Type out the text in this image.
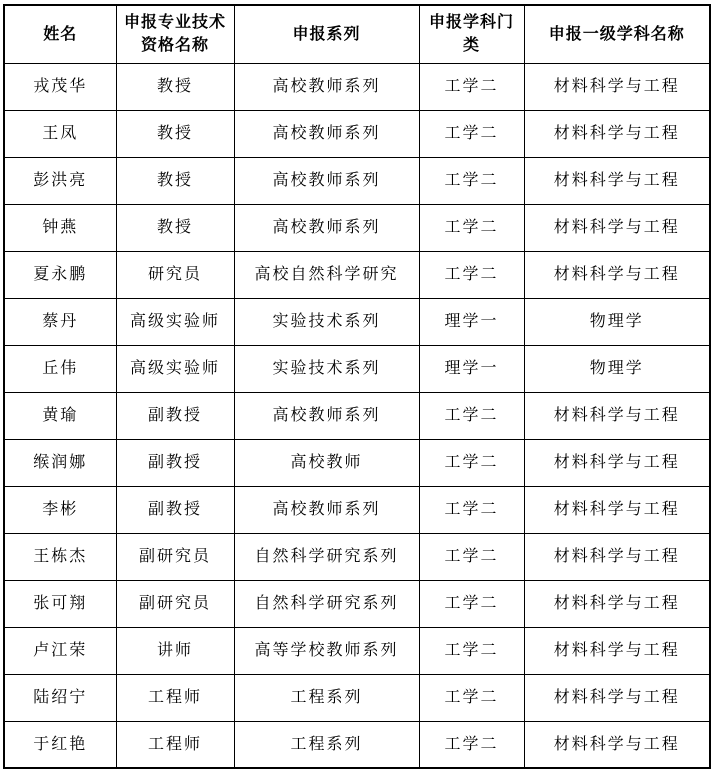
姓名	申报专业技术资格名称	申报系列	申报学科门类	申报一级学科名称
戎茂华	教授	高校教师系列	工学二	材料科学与工程
王凤	教授	高校教师系列	工学二	材料科学与工程
彭洪亮	教授	高校教师系列	工学二	材料科学与工程
钟燕	教授	高校教师系列	工学二	材料科学与工程
夏永鹏	研究员	高校自然科学研究	工学二	材料科学与工程
蔡丹	高级实验师	实验技术系列	理学一	物理学
丘伟	高级实验师	实验技术系列	理学一	物理学
黄瑜	副教授	高校教师系列	工学二	材料科学与工程
缑润娜	副教授	高校教师	工学二	材料科学与工程
李彬	副教授	高校教师系列	工学二	材料科学与工程
王栋杰	副研究员	自然科学研究系列	工学二	材料科学与工程
张可翔	副研究员	自然科学研究系列	工学二	材料科学与工程
卢江荣	讲师	高等学校教师系列	工学二	材料科学与工程
陆绍宁	工程师	工程系列	工学二	材料科学与工程
于红艳	工程师	工程系列	工学二	材料科学与工程
